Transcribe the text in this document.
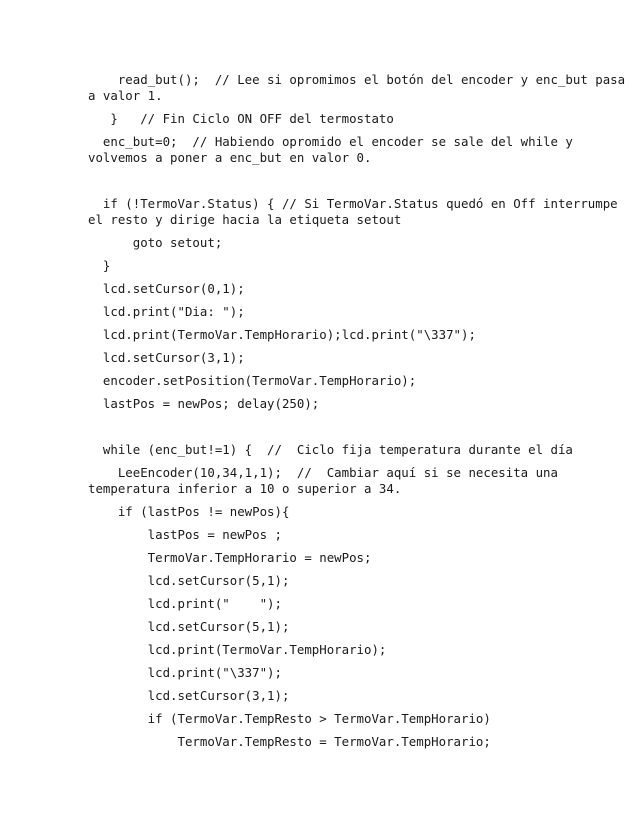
read_but();  // Lee si opromimos el botón del encoder y enc_but pasa
a valor 1.
}   // Fin Ciclo ON OFF del termostato
enc_but=0;  // Habiendo opromido el encoder se sale del while y
volvemos a poner a enc_but en valor 0.
if (!TermoVar.Status) { // Si TermoVar.Status quedó en Off interrumpe
el resto y dirige hacia la etiqueta setout
goto setout;
}
lcd.setCursor(0,1);
lcd.print("Dia: ");
lcd.print(TermoVar.TempHorario);lcd.print("\337");
lcd.setCursor(3,1);
encoder.setPosition(TermoVar.TempHorario);
lastPos = newPos; delay(250);
while (enc_but!=1) {  //  Ciclo fija temperatura durante el día
LeeEncoder(10,34,1,1);  //  Cambiar aquí si se necesita una
temperatura inferior a 10 o superior a 34.
if (lastPos != newPos){
lastPos = newPos ;
TermoVar.TempHorario = newPos;
lcd.setCursor(5,1);
lcd.print("    ");
lcd.setCursor(5,1);
lcd.print(TermoVar.TempHorario);
lcd.print("\337");
lcd.setCursor(3,1);
if (TermoVar.TempResto > TermoVar.TempHorario)
TermoVar.TempResto = TermoVar.TempHorario;
